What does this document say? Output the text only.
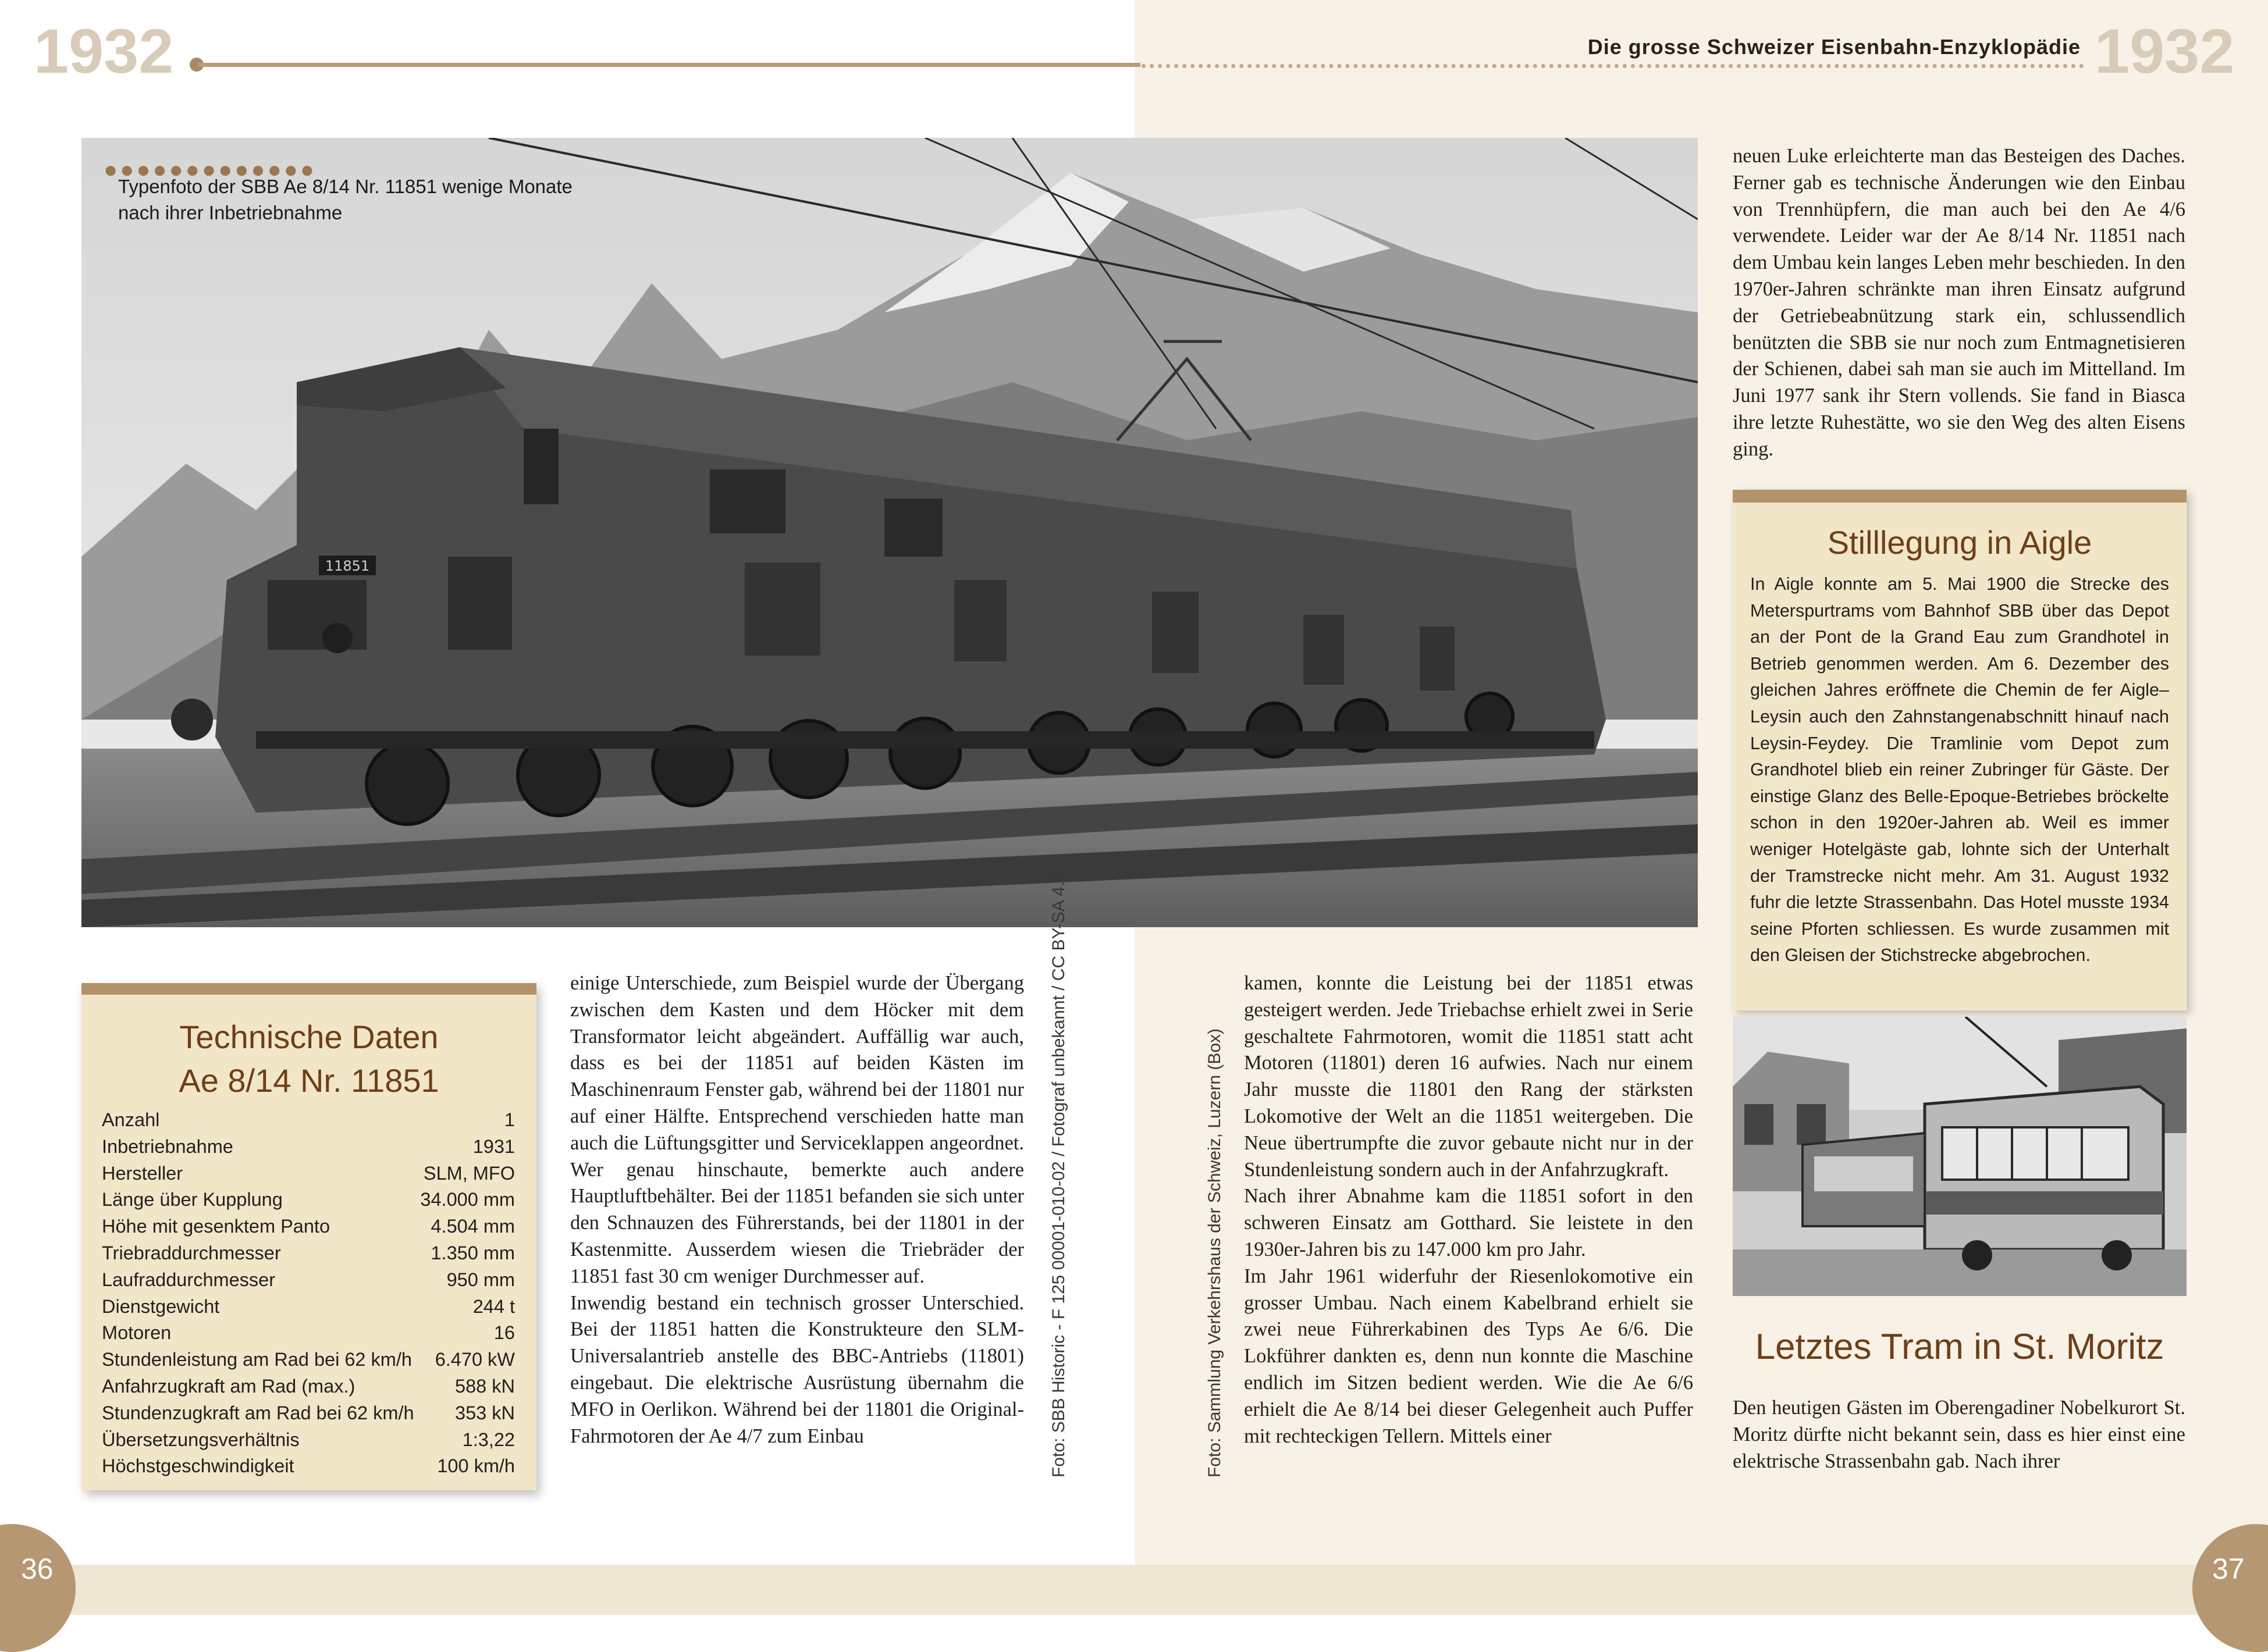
36	37
1932	Die grosse Schweizer Eisenbahn-Enzyklopädie 1932
11851
●●●●●●●●●●●●●
Typenfoto der SBB Ae 8/14 Nr. 11851 wenige Monate nach ihrer Inbetriebnahme
Technische Daten
Ae 8/14 Nr. 11851
Anzahl	1
Inbetriebnahme	1931
Hersteller	SLM, MFO
Länge über Kupplung	34.000 mm
Höhe mit gesenktem Panto	4.504 mm
Triebraddurchmesser	1.350 mm
Laufraddurchmesser	950 mm
Dienstgewicht	244 t
Motoren	16
Stundenleistung am Rad bei 62 km/h 6.470 kW
Anfahrzugkraft am Rad (max.)	588 kN
Stundenzugkraft am Rad bei 62 km/h 353 kN
Übersetzungsverhältnis	1:3,22
Höchstgeschwindigkeit	100 km/h

einige Unterschiede, zum Beispiel wurde der Übergang zwischen dem Kasten und dem Höcker mit dem Transformator leicht abgeändert. Auffällig war auch, dass es bei der 11851 auf beiden Kästen im Maschinenraum Fenster gab, während bei der 11801 nur auf einer Hälfte. Entsprechend verschieden hatte man auch die Lüftungsgitter und Serviceklappen angeordnet. Wer genau hinschaute, bemerkte auch andere Hauptluftbehälter. Bei der 11851 befanden sie sich unter den Schnauzen des Führerstands, bei der 11801 in der Kastenmitte. Ausserdem wiesen die Triebräder der 11851 fast 30 cm weniger Durchmesser auf.

Inwendig bestand ein technisch grosser Unterschied. Bei der 11851 hatten die Konstrukteure den SLM-Universalantrieb anstelle des BBC-Antriebs (11801) eingebaut. Die elektrische Ausrüstung übernahm die MFO in Oerlikon. Während bei der 11801 die Original-Fahrmotoren der Ae 4/7 zum Einbau	Foto: SBB Historic - F 125 00001-010-02 / Fotograf unbekannt / CC BY-SA 4.0	Foto: Sammlung Verkehrshaus der Schweiz, Luzern (Box)

kamen, konnte die Leistung bei der 11851 etwas gesteigert werden. Jede Triebachse erhielt zwei in Serie geschaltete Fahrmotoren, womit die 11851 statt acht Motoren (11801) deren 16 aufwies. Nach nur einem Jahr musste die 11801 den Rang der stärksten Lokomotive der Welt an die 11851 weitergeben. Die Neue übertrumpfte die zuvor gebaute nicht nur in der Stundenleistung sondern auch in der Anfahrzugkraft.

Nach ihrer Abnahme kam die 11851 sofort in den schweren Einsatz am Gotthard. Sie leistete in den 1930er-Jahren bis zu 147.000 km pro Jahr.

Im Jahr 1961 widerfuhr der Riesenlokomotive ein grosser Umbau. Nach einem Kabelbrand erhielt sie zwei neue Führerkabinen des Typs Ae 6/6. Die Lokführer dankten es, denn nun konnte die Maschine endlich im Sitzen bedient werden. Wie die Ae 6/6 erhielt die Ae 8/14 bei dieser Gelegenheit auch Puffer mit rechteckigen Tellern. Mittels einer

neuen Luke erleichterte man das Besteigen des Daches. Ferner gab es technische Änderungen wie den Einbau von Trennhüpfern, die man auch bei den Ae 4/6 verwendete. Leider war der Ae 8/14 Nr. 11851 nach dem Umbau kein langes Leben mehr beschieden. In den 1970er-Jahren schränkte man ihren Einsatz aufgrund der Getriebeabnützung stark ein, schlussendlich benützten die SBB sie nur noch zum Entmagnetisieren der Schienen, dabei sah man sie auch im Mittelland. Im Juni 1977 sank ihr Stern vollends. Sie fand in Biasca ihre letzte Ruhestätte, wo sie den Weg des alten Eisens ging.

Stilllegung in Aigle

In Aigle konnte am 5. Mai 1900 die Strecke des Meterspurtrams vom Bahnhof SBB über das Depot an der Pont de la Grand Eau zum Grandhotel in Betrieb genommen werden. Am 6. Dezember des gleichen Jahres eröffnete die Chemin de fer Aigle–Leysin auch den Zahnstangenabschnitt hinauf nach Leysin-Feydey. Die Tramlinie vom Depot zum Grandhotel blieb ein reiner Zubringer für Gäste. Der einstige Glanz des Belle-Epoque-Betriebes bröckelte schon in den 1920er-Jahren ab. Weil es immer weniger Hotelgäste gab, lohnte sich der Unterhalt der Tramstrecke nicht mehr. Am 31. August 1932 fuhr die letzte Strassenbahn. Das Hotel musste 1934 seine Pforten schliessen. Es wurde zusammen mit den Gleisen der Stichstrecke abgebrochen.

Letztes Tram in St. Moritz

Den heutigen Gästen im Oberengadiner Nobelkurort St. Moritz dürfte nicht bekannt sein, dass es hier einst eine elektrische Strassenbahn gab. Nach ihrer
